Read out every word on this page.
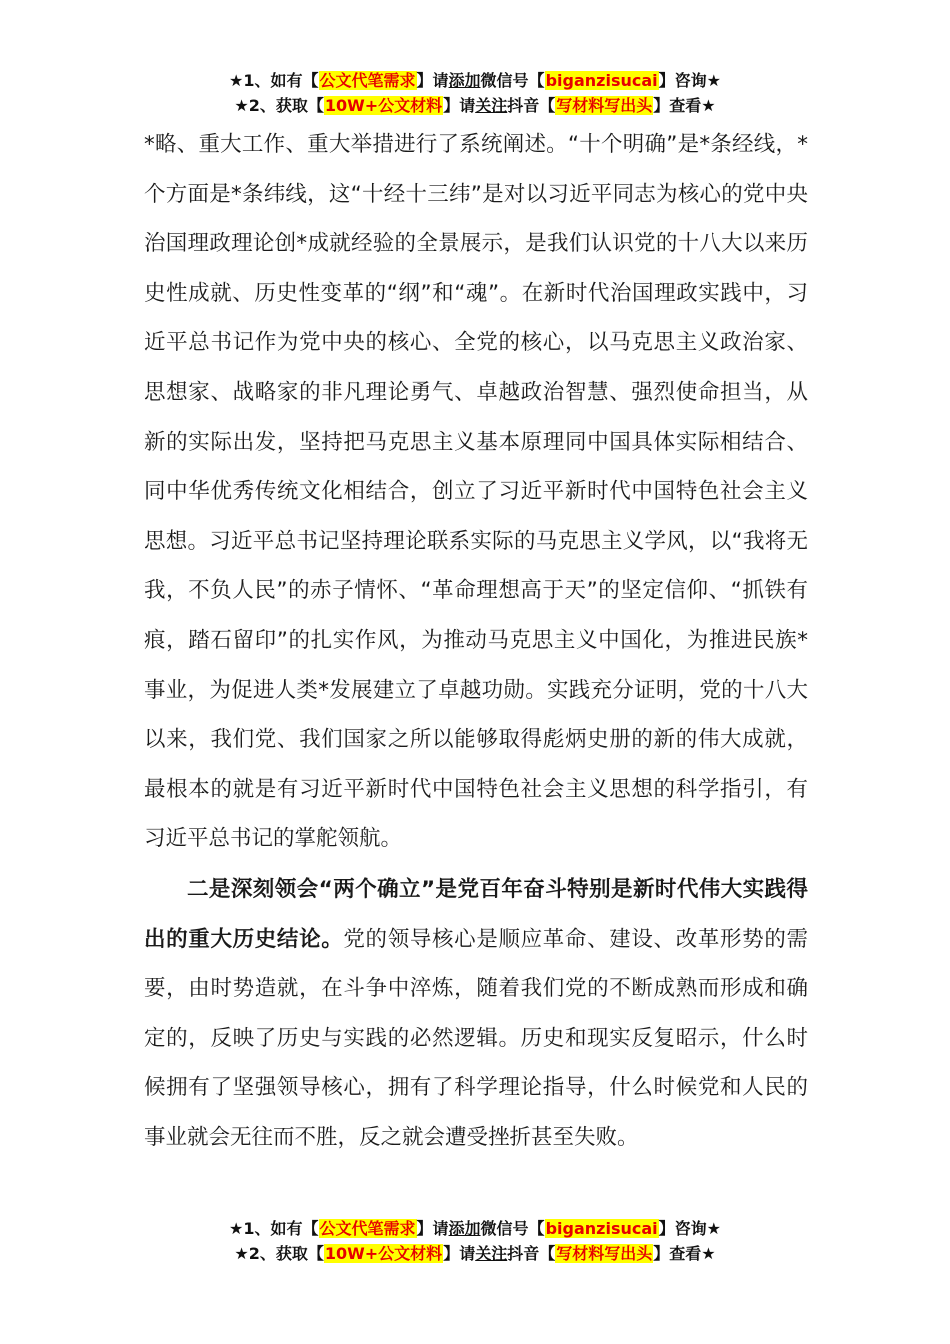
★1、如有【公文代笔需求】请添加微信号【biganzisucai】咨询★
★2、获取【10W+公文材料】请关注抖音【写材料写出头】查看★

*略、重大工作、重大举措进行了系统阐述。“十个明确”是*条经线，*个方面是*条纬线，这“十经十三纬”是对以习近平同志为核心的党中央治国理政理论创*成就经验的全景展示，是我们认识党的十八大以来历史性成就、历史性变革的“纲”和“魂”。在新时代治国理政实践中，习近平总书记作为党中央的核心、全党的核心，以马克思主义政治家、思想家、战略家的非凡理论勇气、卓越政治智慧、强烈使命担当，从新的实际出发，坚持把马克思主义基本原理同中国具体实际相结合、同中华优秀传统文化相结合，创立了习近平新时代中国特色社会主义思想。习近平总书记坚持理论联系实际的马克思主义学风，以“我将无我，不负人民”的赤子情怀、“革命理想高于天”的坚定信仰、“抓铁有痕，踏石留印”的扎实作风，为推动马克思主义中国化，为推进民族*事业，为促进人类*发展建立了卓越功勋。实践充分证明，党的十八大以来，我们党、我们国家之所以能够取得彪炳史册的新的伟大成就，最根本的就是有习近平新时代中国特色社会主义思想的科学指引，有习近平总书记的掌舵领航。

二是深刻领会“两个确立”是党百年奋斗特别是新时代伟大实践得出的重大历史结论。党的领导核心是顺应革命、建设、改革形势的需要，由时势造就，在斗争中淬炼，随着我们党的不断成熟而形成和确定的，反映了历史与实践的必然逻辑。历史和现实反复昭示，什么时候拥有了坚强领导核心，拥有了科学理论指导，什么时候党和人民的事业就会无往而不胜，反之就会遭受挫折甚至失败。

★1、如有【公文代笔需求】请添加微信号【biganzisucai】咨询★
★2、获取【10W+公文材料】请关注抖音【写材料写出头】查看★
